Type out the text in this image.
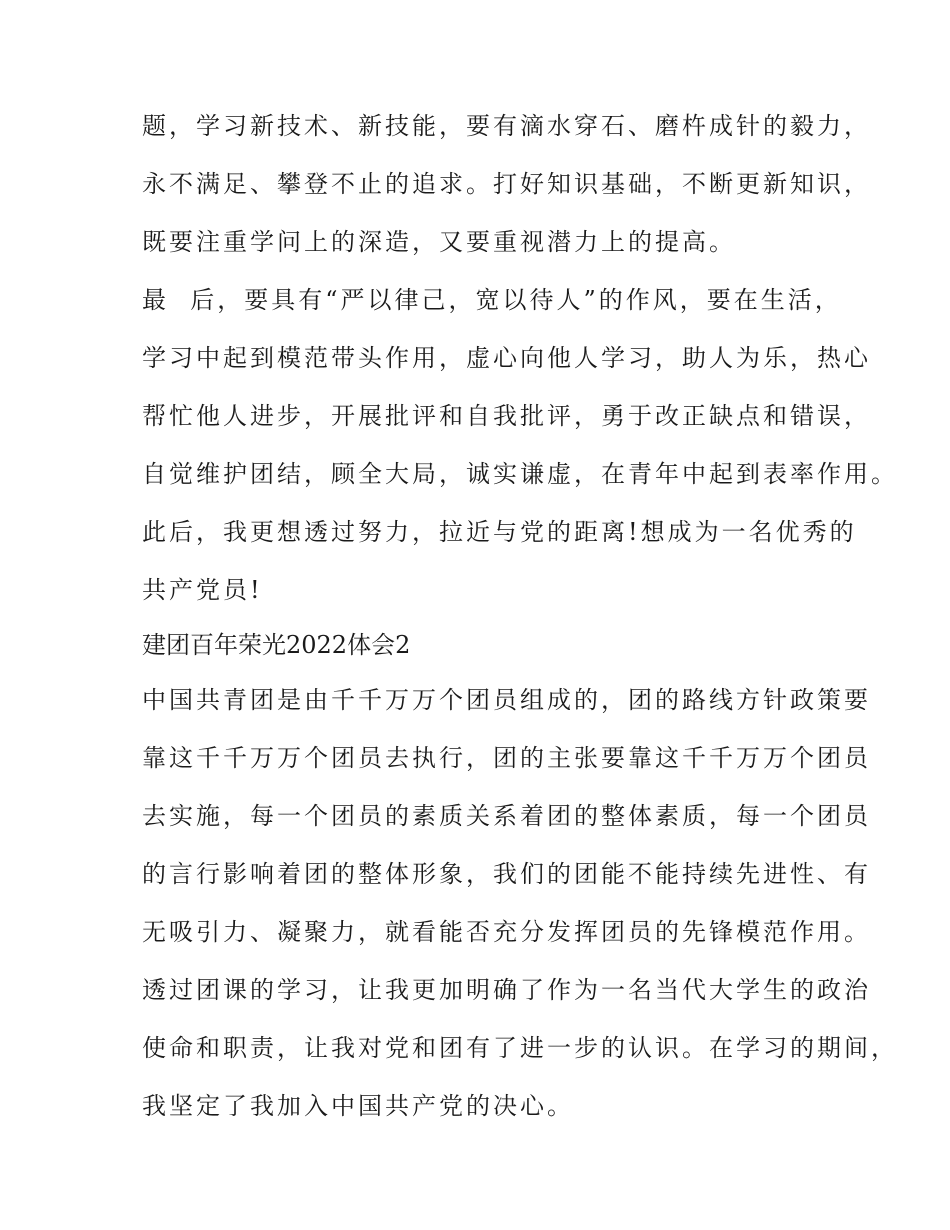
题，学习新技术、新技能，要有滴水穿石、磨杵成针的毅力，
永不满足、攀登不止的追求。打好知识基础，不断更新知识，
既要注重学问上的深造，又要重视潜力上的提高。
最  后，要具有“严以律己，宽以待人”的作风，要在生活，
学习中起到模范带头作用，虚心向他人学习，助人为乐，热心
帮忙他人进步，开展批评和自我批评，勇于改正缺点和错误，
自觉维护团结，顾全大局，诚实谦虚，在青年中起到表率作用。
此后，我更想透过努力，拉近与党的距离!想成为一名优秀的
共产党员!
建团百年荣光2022体会2
中国共青团是由千千万万个团员组成的，团的路线方针政策要
靠这千千万万个团员去执行，团的主张要靠这千千万万个团员
去实施，每一个团员的素质关系着团的整体素质，每一个团员
的言行影响着团的整体形象，我们的团能不能持续先进性、有
无吸引力、凝聚力，就看能否充分发挥团员的先锋模范作用。
透过团课的学习，让我更加明确了作为一名当代大学生的政治
使命和职责，让我对党和团有了进一步的认识。在学习的期间，
我坚定了我加入中国共产党的决心。
